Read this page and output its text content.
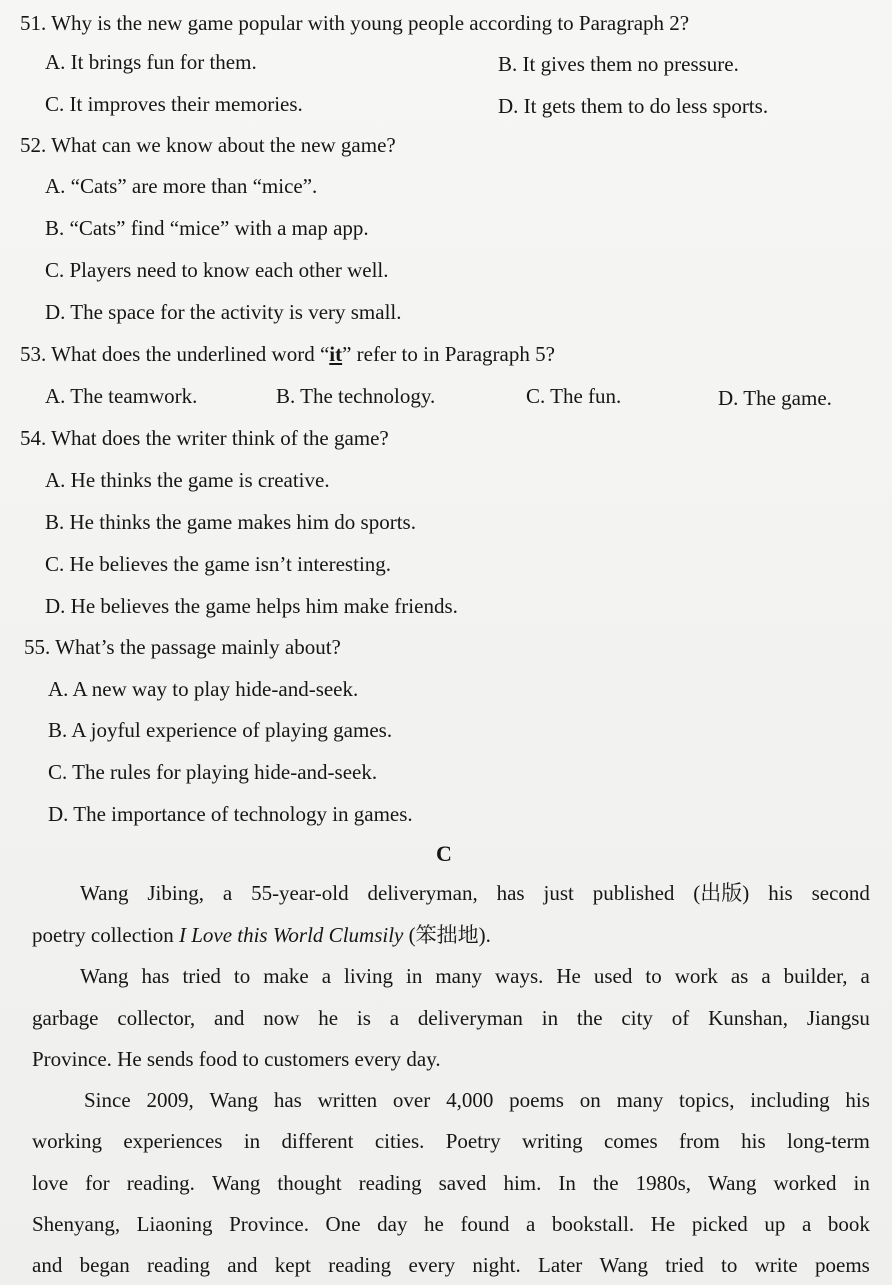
51. Why is the new game popular with young people according to Paragraph 2?
A. It brings fun for them.	B. It gives them no pressure.
C. It improves their memories.	D. It gets them to do less sports.
52. What can we know about the new game?
A. “Cats” are more than “mice”.
B. “Cats” find “mice” with a map app.
C. Players need to know each other well.
D. The space for the activity is very small.
53. What does the underlined word “it” refer to in Paragraph 5?
A. The teamwork.	B. The technology.	C. The fun.	D. The game.
54. What does the writer think of the game?
A. He thinks the game is creative.
B. He thinks the game makes him do sports.
C. He believes the game isn’t interesting.
D. He believes the game helps him make friends.
55. What’s the passage mainly about?
A. A new way to play hide-and-seek.
B. A joyful experience of playing games.
C. The rules for playing hide-and-seek.
D. The importance of technology in games.
C
Wang Jibing, a 55-year-old deliveryman, has just published (出版) his second
poetry collection I Love this World Clumsily (笨拙地).
Wang has tried to make a living in many ways. He used to work as a builder, a
garbage collector, and now he is a deliveryman in the city of Kunshan, Jiangsu
Province. He sends food to customers every day.
Since 2009, Wang has written over 4,000 poems on many topics, including his
working experiences in different cities. Poetry writing comes from his long-term
love for reading. Wang thought reading saved him. In the 1980s, Wang worked in
Shenyang, Liaoning Province. One day he found a bookstall. He picked up a book
and began reading and kept reading every night. Later Wang tried to write poems
